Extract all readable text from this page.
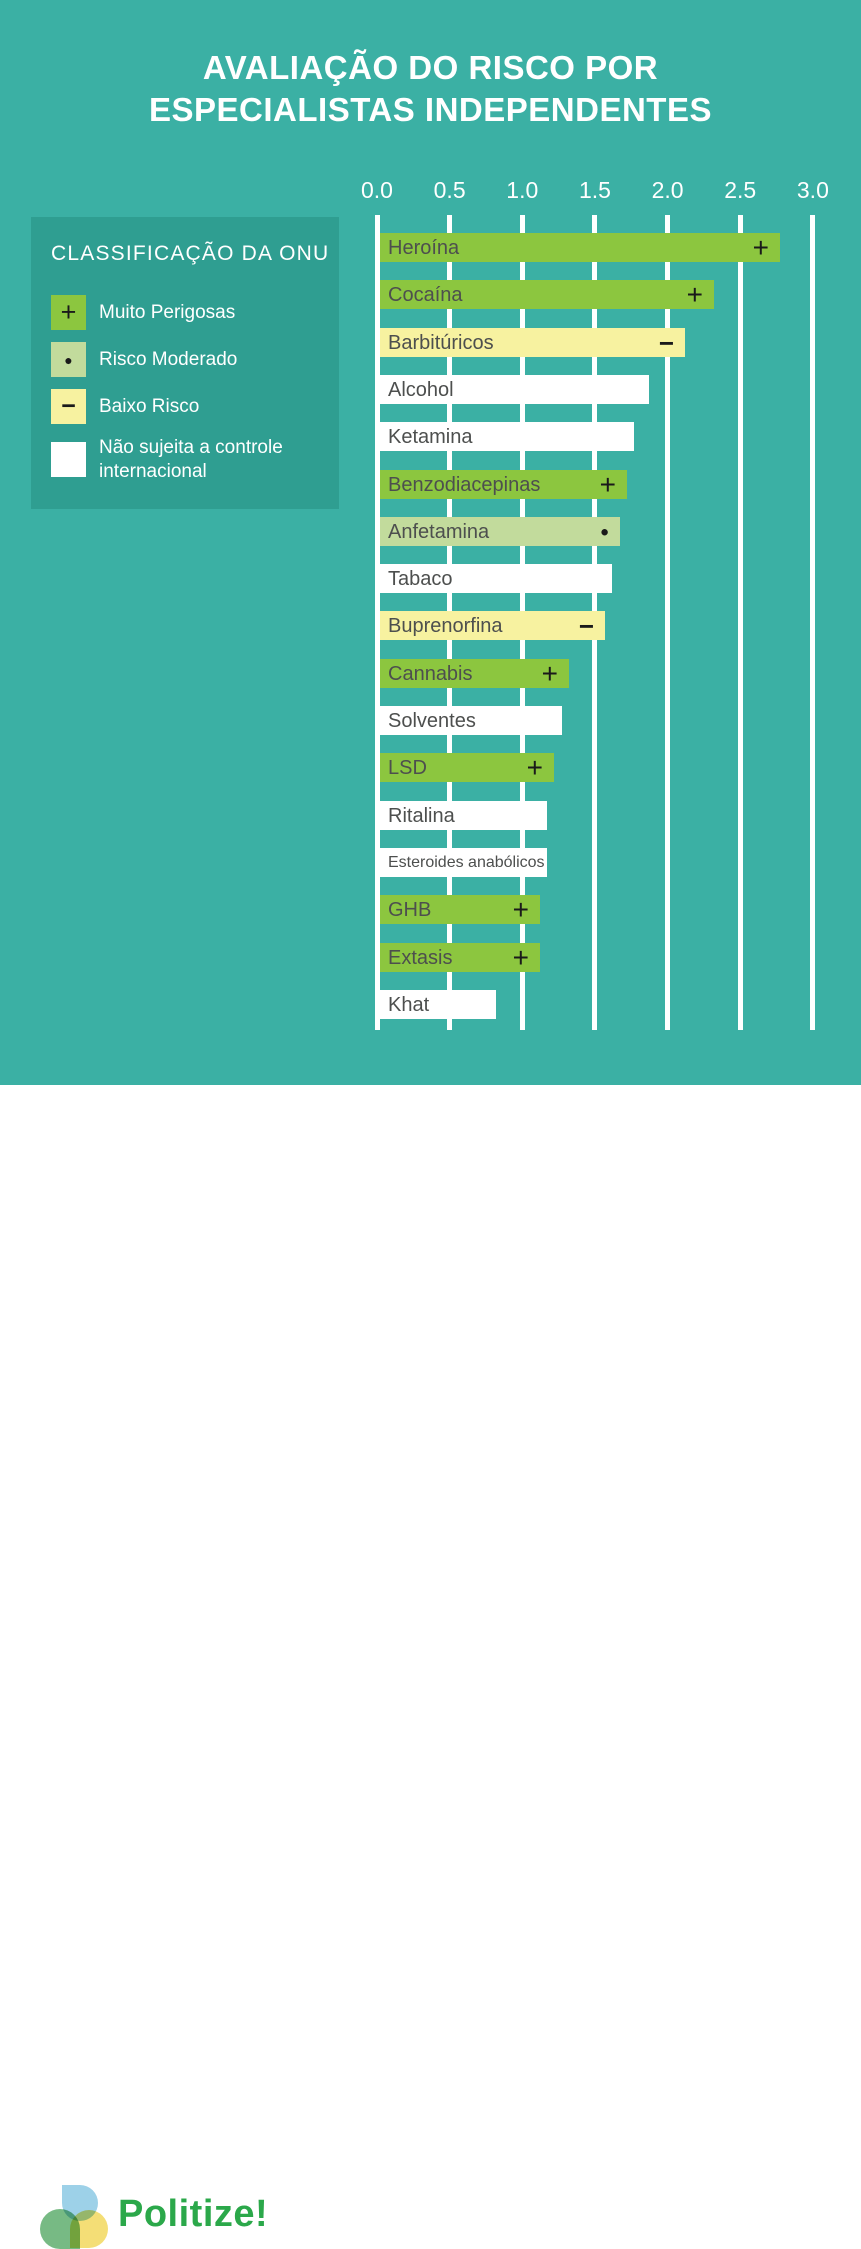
AVALIAÇÃO DO RISCO POR
ESPECIALISTAS INDEPENDENTES
CLASSIFICAÇÃO DA ONU
+ Muito Perigosas
● Risco Moderado
− Baixo Risco
Não sujeita a controle internacional
0.0	0.5	1.0	1.5	2.0	2.5	3.0
Heroína	+
Cocaína	+
Barbitúricos	−
Alcohol
Ketamina
Benzodiacepinas +
Anfetamina	●
Tabaco
Buprenorfina	−
Cannabis +
Solventes
LSD	+
Ritalina
Esteroides anabólicos
GHB	+
Extasis +
Khat
Politize!
